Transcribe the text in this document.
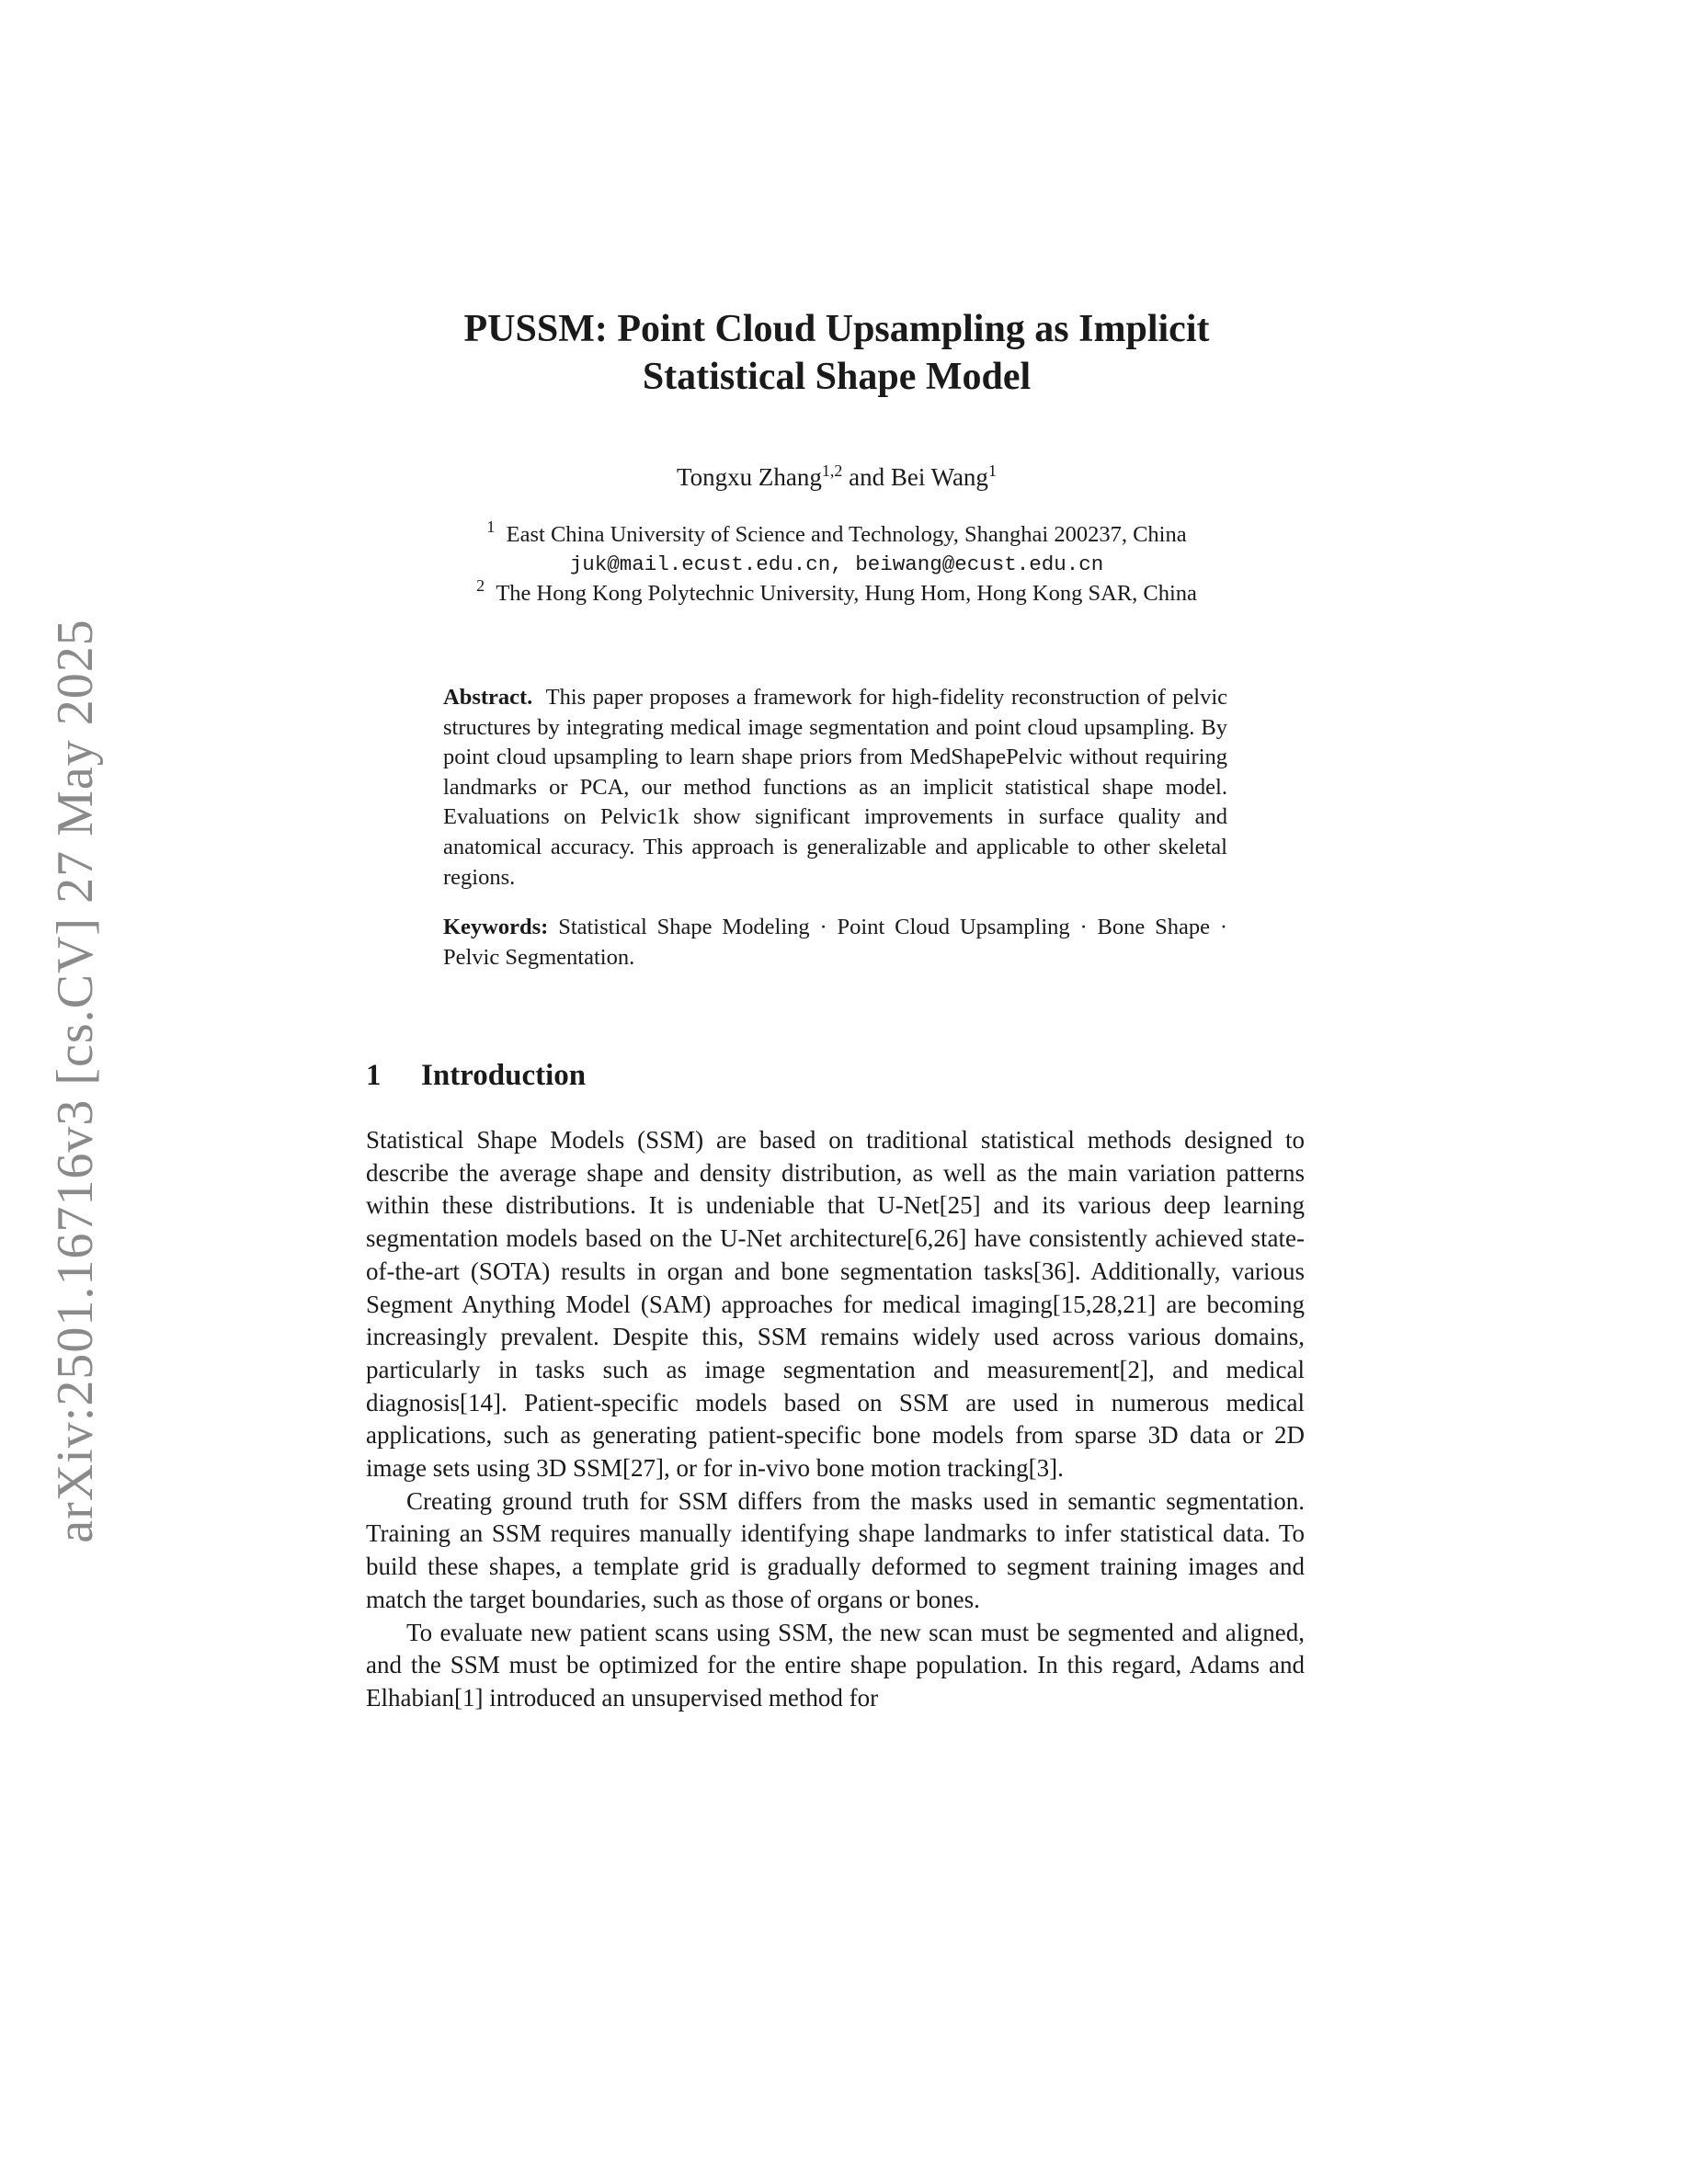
arXiv:2501.16716v3 [cs.CV] 27 May 2025
PUSSM: Point Cloud Upsampling as Implicit
Statistical Shape Model
Tongxu Zhang$^{1,2}$ and Bei Wang$^1$
$^1$ East China University of Science and Technology, Shanghai 200237, China
juk@mail.ecust.edu.cn, beiwang@ecust.edu.cn
$^2$ The Hong Kong Polytechnic University, Hung Hom, Hong Kong SAR, China

Abstract. This paper proposes a framework for high-fidelity reconstruction of pelvic structures by integrating medical image segmentation and point cloud upsampling. By point cloud upsampling to learn shape priors from MedShapePelvic without requiring landmarks or PCA, our method functions as an implicit statistical shape model. Evaluations on Pelvic1k show significant improvements in surface quality and anatomical accuracy. This approach is generalizable and applicable to other skeletal regions.

Keywords: Statistical Shape Modeling · Point Cloud Upsampling · Bone Shape · Pelvic Segmentation.

1 Introduction

Statistical Shape Models (SSM) are based on traditional statistical methods designed to describe the average shape and density distribution, as well as the main variation patterns within these distributions. It is undeniable that U-Net[25] and its various deep learning segmentation models based on the U-Net architecture[6,26] have consistently achieved state-of-the-art (SOTA) results in organ and bone segmentation tasks[36]. Additionally, various Segment Anything Model (SAM) approaches for medical imaging[15,28,21] are becoming increasingly prevalent. Despite this, SSM remains widely used across various domains, particularly in tasks such as image segmentation and measurement[2], and medical diagnosis[14]. Patient-specific models based on SSM are used in numerous medical applications, such as generating patient-specific bone models from sparse 3D data or 2D image sets using 3D SSM[27], or for in-vivo bone motion tracking[3].

Creating ground truth for SSM differs from the masks used in semantic segmentation. Training an SSM requires manually identifying shape landmarks to infer statistical data. To build these shapes, a template grid is gradually deformed to segment training images and match the target boundaries, such as those of organs or bones.

To evaluate new patient scans using SSM, the new scan must be segmented and aligned, and the SSM must be optimized for the entire shape population. In this regard, Adams and Elhabian[1] introduced an unsupervised method for
